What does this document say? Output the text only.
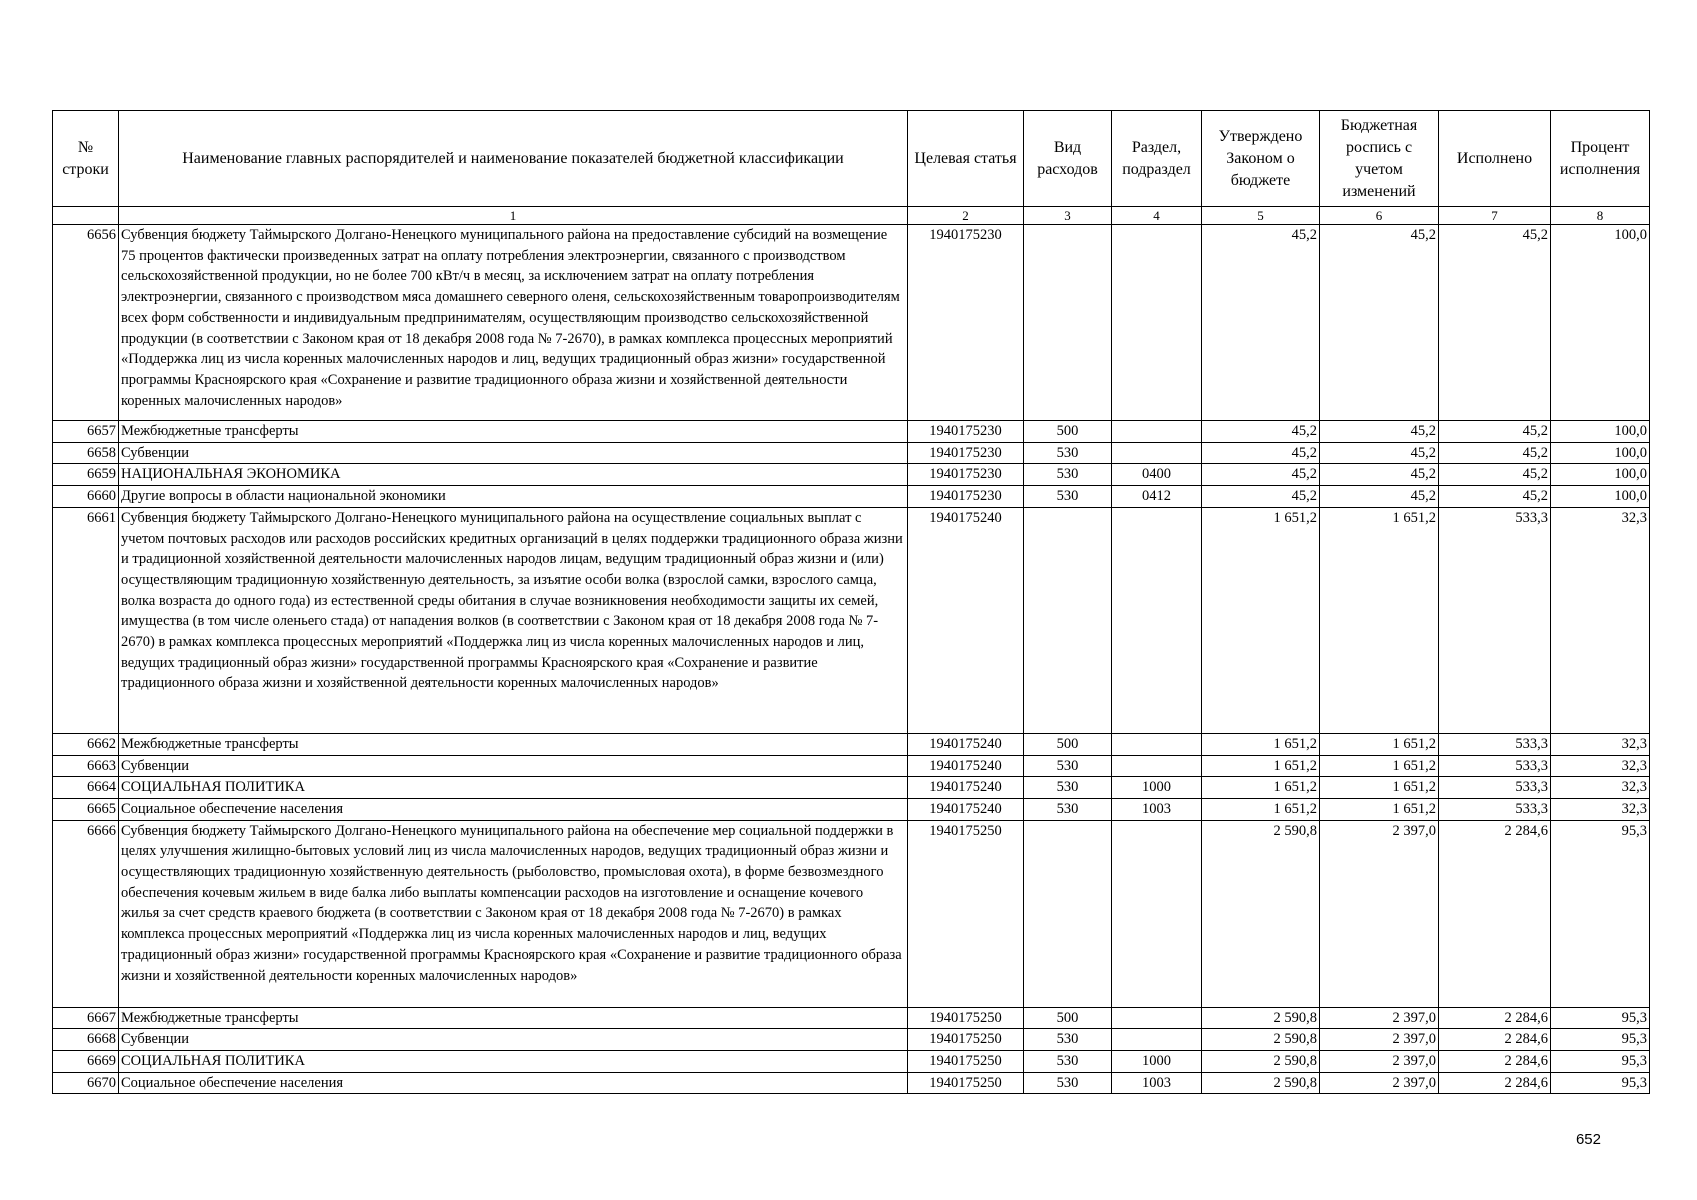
№ строки	Наименование главных распорядителей и наименование показателей бюджетной классификации	Целевая статья	Вид расходов	Раздел, подраздел	Утверждено Законом о бюджете	Бюджетная роспись с учетом изменений	Исполнено	Процент исполнения
	1	2	3	4	5	6	7	8
6656	Субвенция бюджету Таймырского Долгано-Ненецкого муниципального района на предоставление субсидий на возмещение 75 процентов фактически произведенных затрат на оплату потребления электроэнергии, связанного с производством сельскохозяйственной продукции, но не более 700 кВт/ч в месяц, за исключением затрат на оплату потребления электроэнергии, связанного с производством мяса домашнего северного оленя, сельскохозяйственным товаропроизводителям всех форм собственности и индивидуальным предпринимателям, осуществляющим производство сельскохозяйственной продукции (в соответствии с Законом края от 18 декабря 2008 года № 7-2670), в рамках комплекса процессных мероприятий «Поддержка лиц из числа коренных малочисленных народов и лиц, ведущих традиционный образ жизни» государственной программы Красноярского края «Сохранение и развитие традиционного образа жизни и хозяйственной деятельности коренных малочисленных народов»	1940175230			45,2	45,2	45,2	100,0
6657	Межбюджетные трансферты	1940175230	500		45,2	45,2	45,2	100,0
6658	Субвенции	1940175230	530		45,2	45,2	45,2	100,0
6659	НАЦИОНАЛЬНАЯ ЭКОНОМИКА	1940175230	530	0400	45,2	45,2	45,2	100,0
6660	Другие вопросы в области национальной экономики	1940175230	530	0412	45,2	45,2	45,2	100,0
6661	Субвенция бюджету Таймырского Долгано-Ненецкого муниципального района на осуществление социальных выплат с учетом почтовых расходов или расходов российских кредитных организаций в целях поддержки традиционного образа жизни и традиционной хозяйственной деятельности малочисленных народов лицам, ведущим традиционный образ жизни и (или) осуществляющим традиционную хозяйственную деятельность, за изъятие особи волка (взрослой самки, взрослого самца, волка возраста до одного года) из естественной среды обитания в случае возникновения необходимости защиты их семей, имущества (в том числе оленьего стада) от нападения волков (в соответствии с Законом края от 18 декабря 2008 года № 7-2670) в рамках комплекса процессных мероприятий «Поддержка лиц из числа коренных малочисленных народов и лиц, ведущих традиционный образ жизни» государственной программы Красноярского края «Сохранение и развитие традиционного образа жизни и хозяйственной деятельности коренных малочисленных народов»	1940175240			1 651,2	1 651,2	533,3	32,3
6662	Межбюджетные трансферты	1940175240	500		1 651,2	1 651,2	533,3	32,3
6663	Субвенции	1940175240	530		1 651,2	1 651,2	533,3	32,3
6664	СОЦИАЛЬНАЯ ПОЛИТИКА	1940175240	530	1000	1 651,2	1 651,2	533,3	32,3
6665	Социальное обеспечение населения	1940175240	530	1003	1 651,2	1 651,2	533,3	32,3
6666	Субвенция бюджету Таймырского Долгано-Ненецкого муниципального района на обеспечение мер социальной поддержки в целях улучшения жилищно-бытовых условий лиц из числа малочисленных народов, ведущих традиционный образ жизни и осуществляющих традиционную хозяйственную деятельность (рыболовство, промысловая охота), в форме безвозмездного обеспечения кочевым жильем в виде балка либо выплаты компенсации расходов на изготовление и оснащение кочевого жилья за счет средств краевого бюджета (в соответствии с Законом края от 18 декабря 2008 года № 7-2670) в рамках комплекса процессных мероприятий «Поддержка лиц из числа коренных малочисленных народов и лиц, ведущих традиционный образ жизни» государственной программы Красноярского края «Сохранение и развитие традиционного образа жизни и хозяйственной деятельности коренных малочисленных народов»	1940175250			2 590,8	2 397,0	2 284,6	95,3
6667	Межбюджетные трансферты	1940175250	500		2 590,8	2 397,0	2 284,6	95,3
6668	Субвенции	1940175250	530		2 590,8	2 397,0	2 284,6	95,3
6669	СОЦИАЛЬНАЯ ПОЛИТИКА	1940175250	530	1000	2 590,8	2 397,0	2 284,6	95,3
6670	Социальное обеспечение населения	1940175250	530	1003	2 590,8	2 397,0	2 284,6	95,3
652
